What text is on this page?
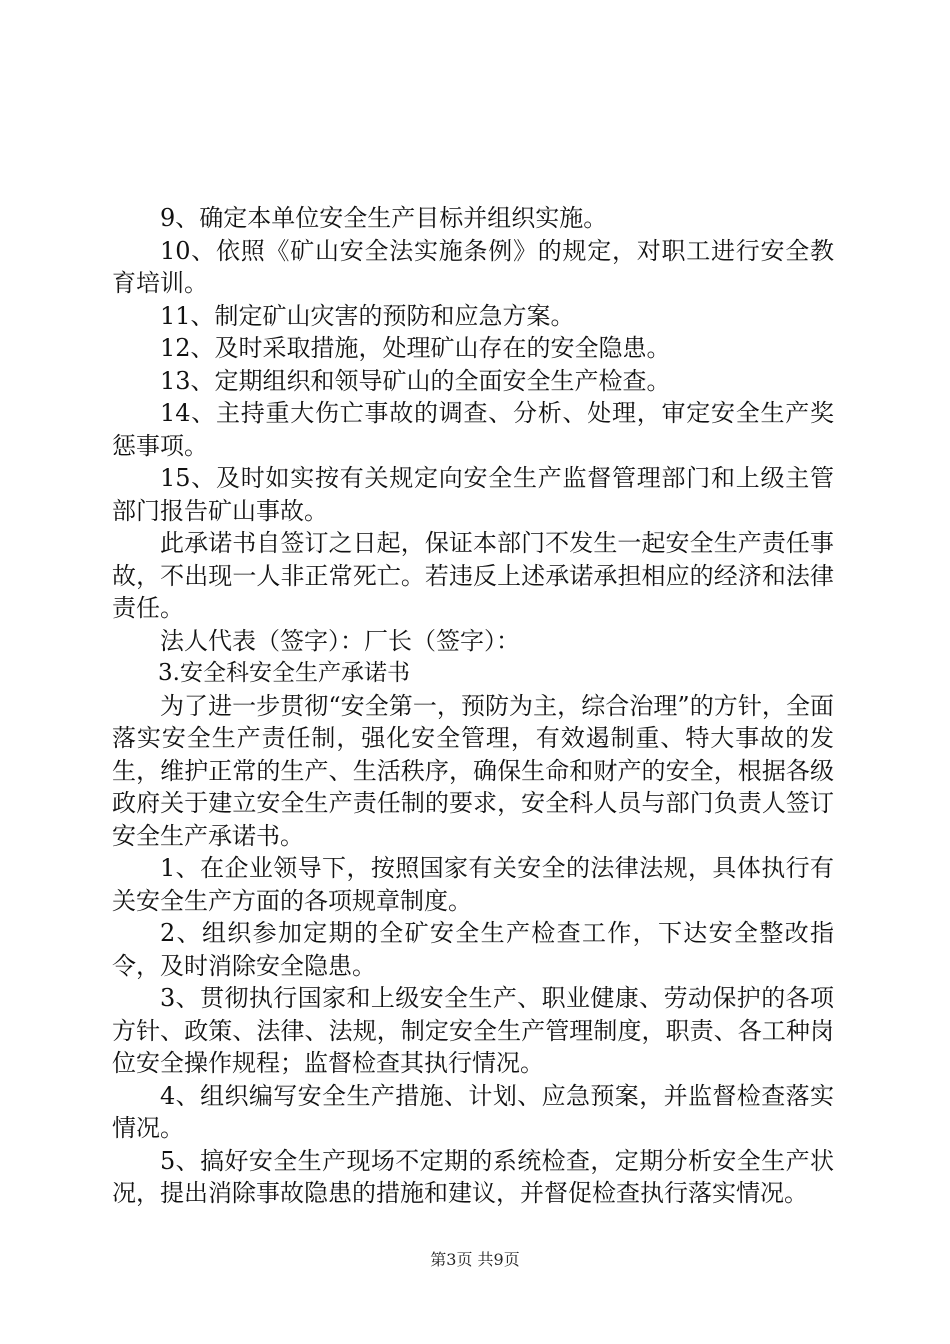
9、确定本单位安全生产目标并组织实施。

10、依照《矿山安全法实施条例》的规定，对职工进行安全教育培训。

11、制定矿山灾害的预防和应急方案。

12、及时采取措施，处理矿山存在的安全隐患。

13、定期组织和领导矿山的全面安全生产检查。

14、主持重大伤亡事故的调查、分析、处理，审定安全生产奖惩事项。

15、及时如实按有关规定向安全生产监督管理部门和上级主管部门报告矿山事故。

此承诺书自签订之日起，保证本部门不发生一起安全生产责任事故，不出现一人非正常死亡。若违反上述承诺承担相应的经济和法律责任。

法人代表（签字）：厂长（签字）：

3.安全科安全生产承诺书

为了进一步贯彻“安全第一，预防为主，综合治理”的方针，全面落实安全生产责任制，强化安全管理，有效遏制重、特大事故的发生，维护正常的生产、生活秩序，确保生命和财产的安全，根据各级政府关于建立安全生产责任制的要求，安全科人员与部门负责人签订安全生产承诺书。

1、在企业领导下，按照国家有关安全的法律法规，具体执行有关安全生产方面的各项规章制度。

2、组织参加定期的全矿安全生产检查工作，下达安全整改指令，及时消除安全隐患。

3、贯彻执行国家和上级安全生产、职业健康、劳动保护的各项方针、政策、法律、法规，制定安全生产管理制度，职责、各工种岗位安全操作规程；监督检查其执行情况。

4、组织编写安全生产措施、计划、应急预案，并监督检查落实情况。

5、搞好安全生产现场不定期的系统检查，定期分析安全生产状况，提出消除事故隐患的措施和建议，并督促检查执行落实情况。

第3页 共9页
